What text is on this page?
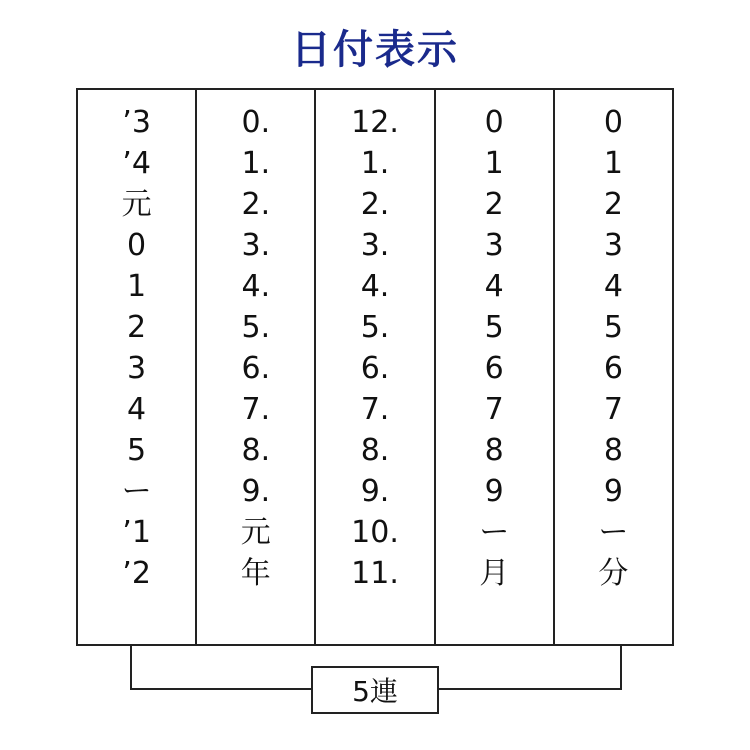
日付表示
’3
’4
元
0
1
2
3
4
5
ー
’1
’2
0.
1.
2.
3.
4.
5.
6.
7.
8.
9.
元
年
12.
1.
2.
3.
4.
5.
6.
7.
8.
9.
10.
11.
0
1
2
3
4
5
6
7
8
9
ー
月
0
1
2
3
4
5
6
7
8
9
ー
分
5連
